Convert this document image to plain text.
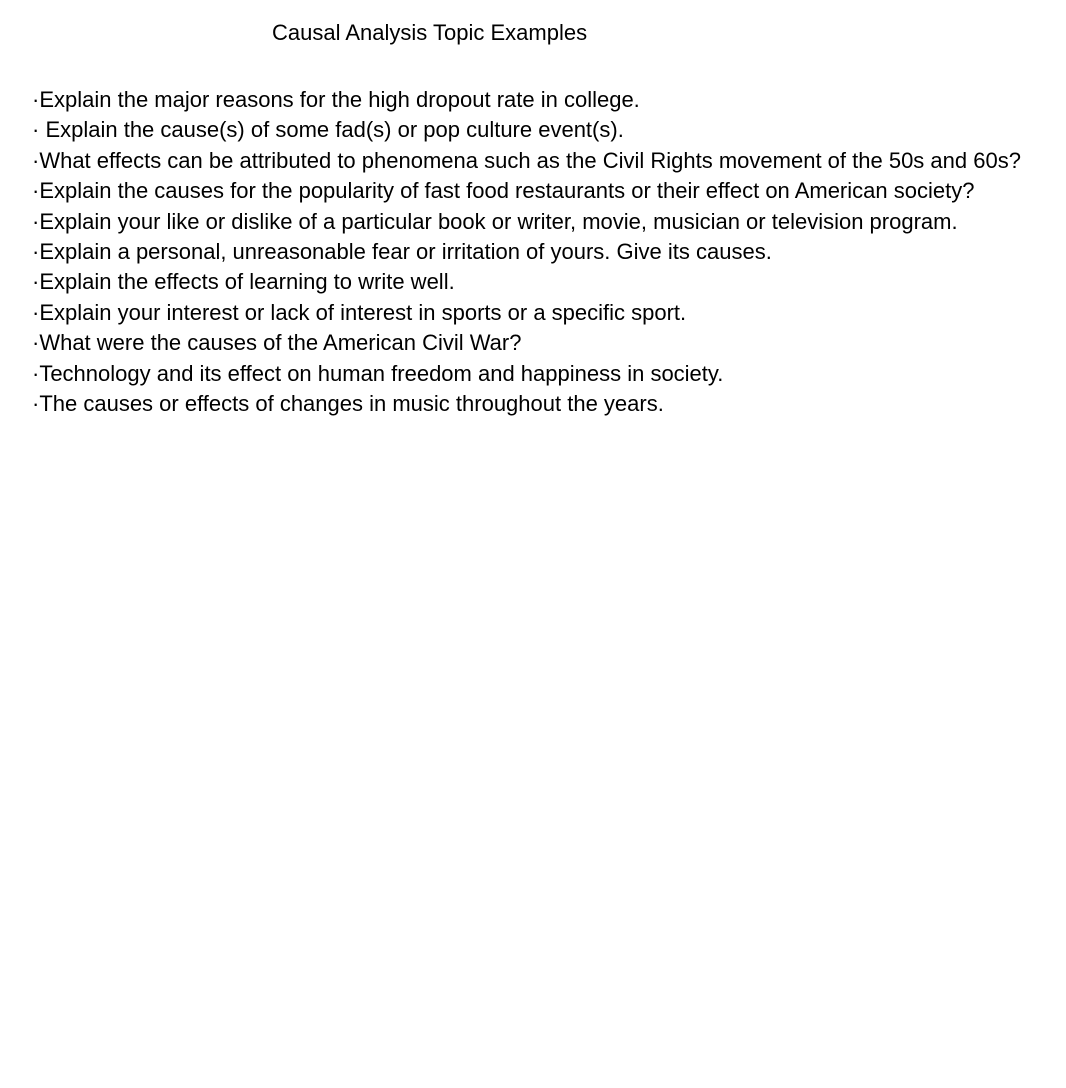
Causal Analysis Topic Examples
·Explain the major reasons for the high dropout rate in college.
· Explain the cause(s) of some fad(s) or pop culture event(s).
·What effects can be attributed to phenomena such as the Civil Rights movement of the 50s and 60s?
·Explain the causes for the popularity of fast food restaurants or their effect on American society?
·Explain your like or dislike of a particular book or writer, movie, musician or television program.
·Explain a personal, unreasonable fear or irritation of yours. Give its causes.
·Explain the effects of learning to write well.
·Explain your interest or lack of interest in sports or a specific sport.
·What were the causes of the American Civil War?
·Technology and its effect on human freedom and happiness in society.
·The causes or effects of changes in music throughout the years.
